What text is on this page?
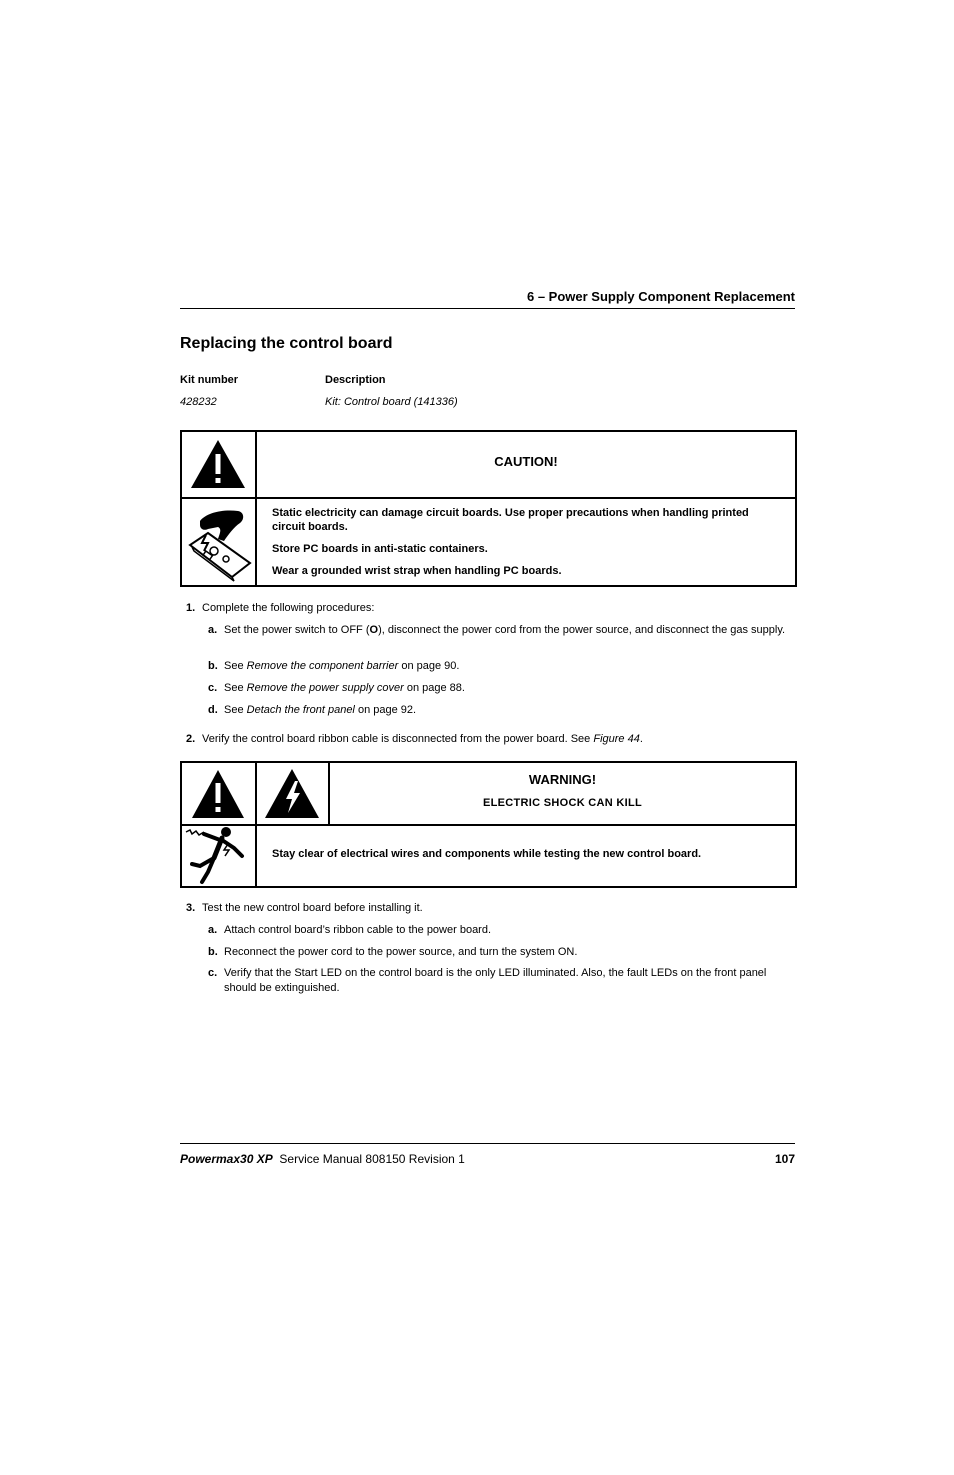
6 – Power Supply Component Replacement
Replacing the control board
Kit number	Description
428232	Kit: Control board (141336)
CAUTION!

Static electricity can damage circuit boards. Use proper precautions when handling printed circuit boards.

Store PC boards in anti-static containers.

Wear a grounded wrist strap when handling PC boards.

1. Complete the following procedures:
a. Set the power switch to OFF (O), disconnect the power cord from the power source, and disconnect the gas supply.
b. See Remove the component barrier on page 90.
c. See Remove the power supply cover on page 88.
d. See Detach the front panel on page 92.
2. Verify the control board ribbon cable is disconnected from the power board. See Figure 44.
WARNING!
ELECTRIC SHOCK CAN KILL
Stay clear of electrical wires and components while testing the new control board.
3. Test the new control board before installing it.
a. Attach control board’s ribbon cable to the power board.
b. Reconnect the power cord to the power source, and turn the system ON.
c. Verify that the Start LED on the control board is the only LED illuminated. Also, the fault LEDs on the front panel should be extinguished.
Powermax30 XP Service Manual 808150 Revision 1	107
